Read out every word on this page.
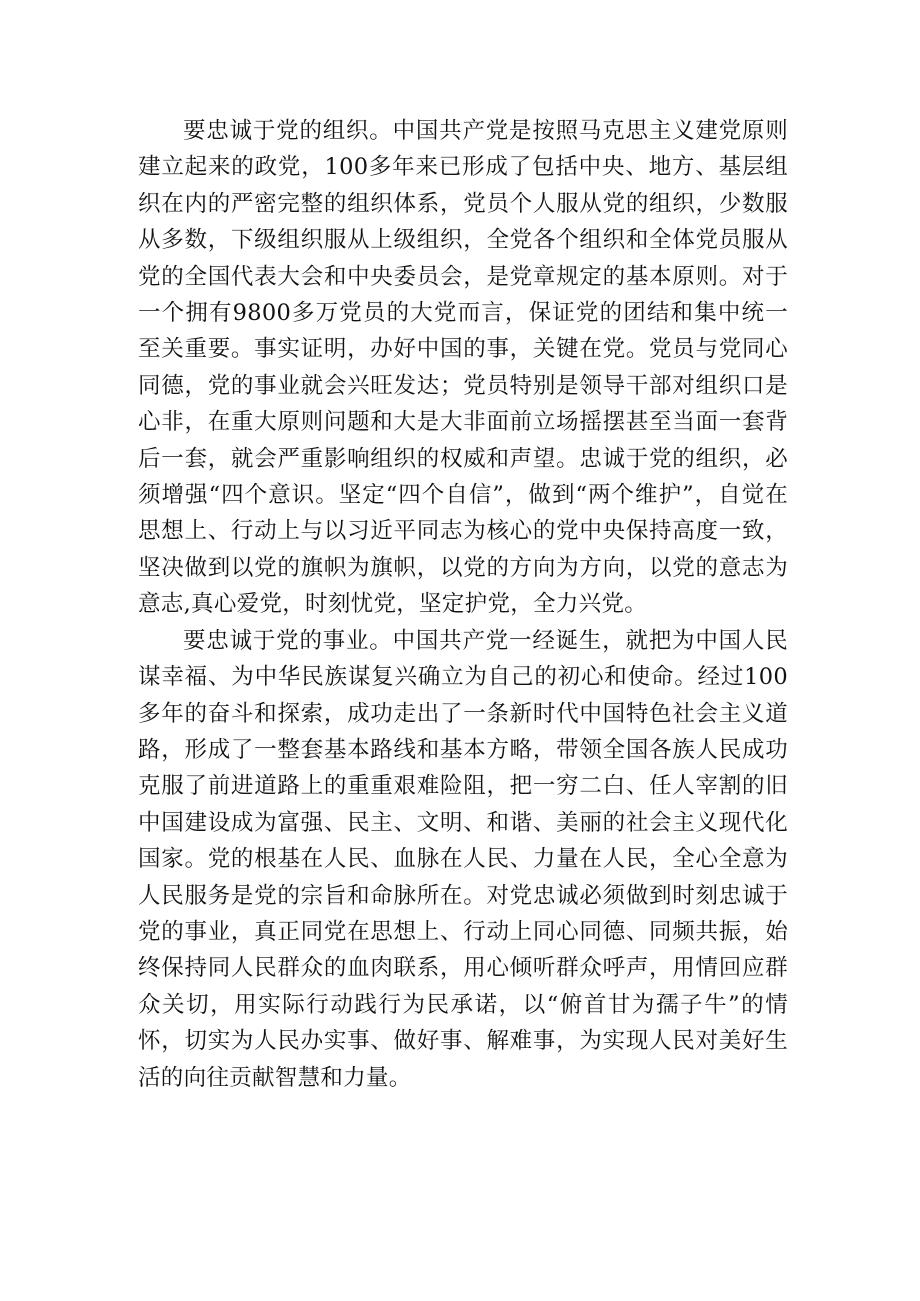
要忠诚于党的组织。中国共产党是按照马克思主义建党原则建立起来的政党，100多年来已形成了包括中央、地方、基层组织在内的严密完整的组织体系，党员个人服从党的组织，少数服从多数，下级组织服从上级组织，全党各个组织和全体党员服从党的全国代表大会和中央委员会，是党章规定的基本原则。对于一个拥有9800多万党员的大党而言，保证党的团结和集中统一至关重要。事实证明，办好中国的事，关键在党。党员与党同心同德，党的事业就会兴旺发达；党员特别是领导干部对组织口是心非，在重大原则问题和大是大非面前立场摇摆甚至当面一套背后一套，就会严重影响组织的权威和声望。忠诚于党的组织，必须增强“四个意识。坚定“四个自信”，做到“两个维护”，自觉在思想上、行动上与以习近平同志为核心的党中央保持高度一致，坚决做到以党的旗帜为旗帜，以党的方向为方向，以党的意志为意志,真心爱党，时刻忧党，坚定护党，全力兴党。

要忠诚于党的事业。中国共产党一经诞生，就把为中国人民谋幸福、为中华民族谋复兴确立为自己的初心和使命。经过100多年的奋斗和探索，成功走出了一条新时代中国特色社会主义道路，形成了一整套基本路线和基本方略，带领全国各族人民成功克服了前进道路上的重重艰难险阻，把一穷二白、任人宰割的旧中国建设成为富强、民主、文明、和谐、美丽的社会主义现代化国家。党的根基在人民、血脉在人民、力量在人民，全心全意为人民服务是党的宗旨和命脉所在。对党忠诚必须做到时刻忠诚于党的事业，真正同党在思想上、行动上同心同德、同频共振，始终保持同人民群众的血肉联系，用心倾听群众呼声，用情回应群众关切，用实际行动践行为民承诺，以“俯首甘为孺子牛”的情怀，切实为人民办实事、做好事、解难事，为实现人民对美好生活的向往贡献智慧和力量。
